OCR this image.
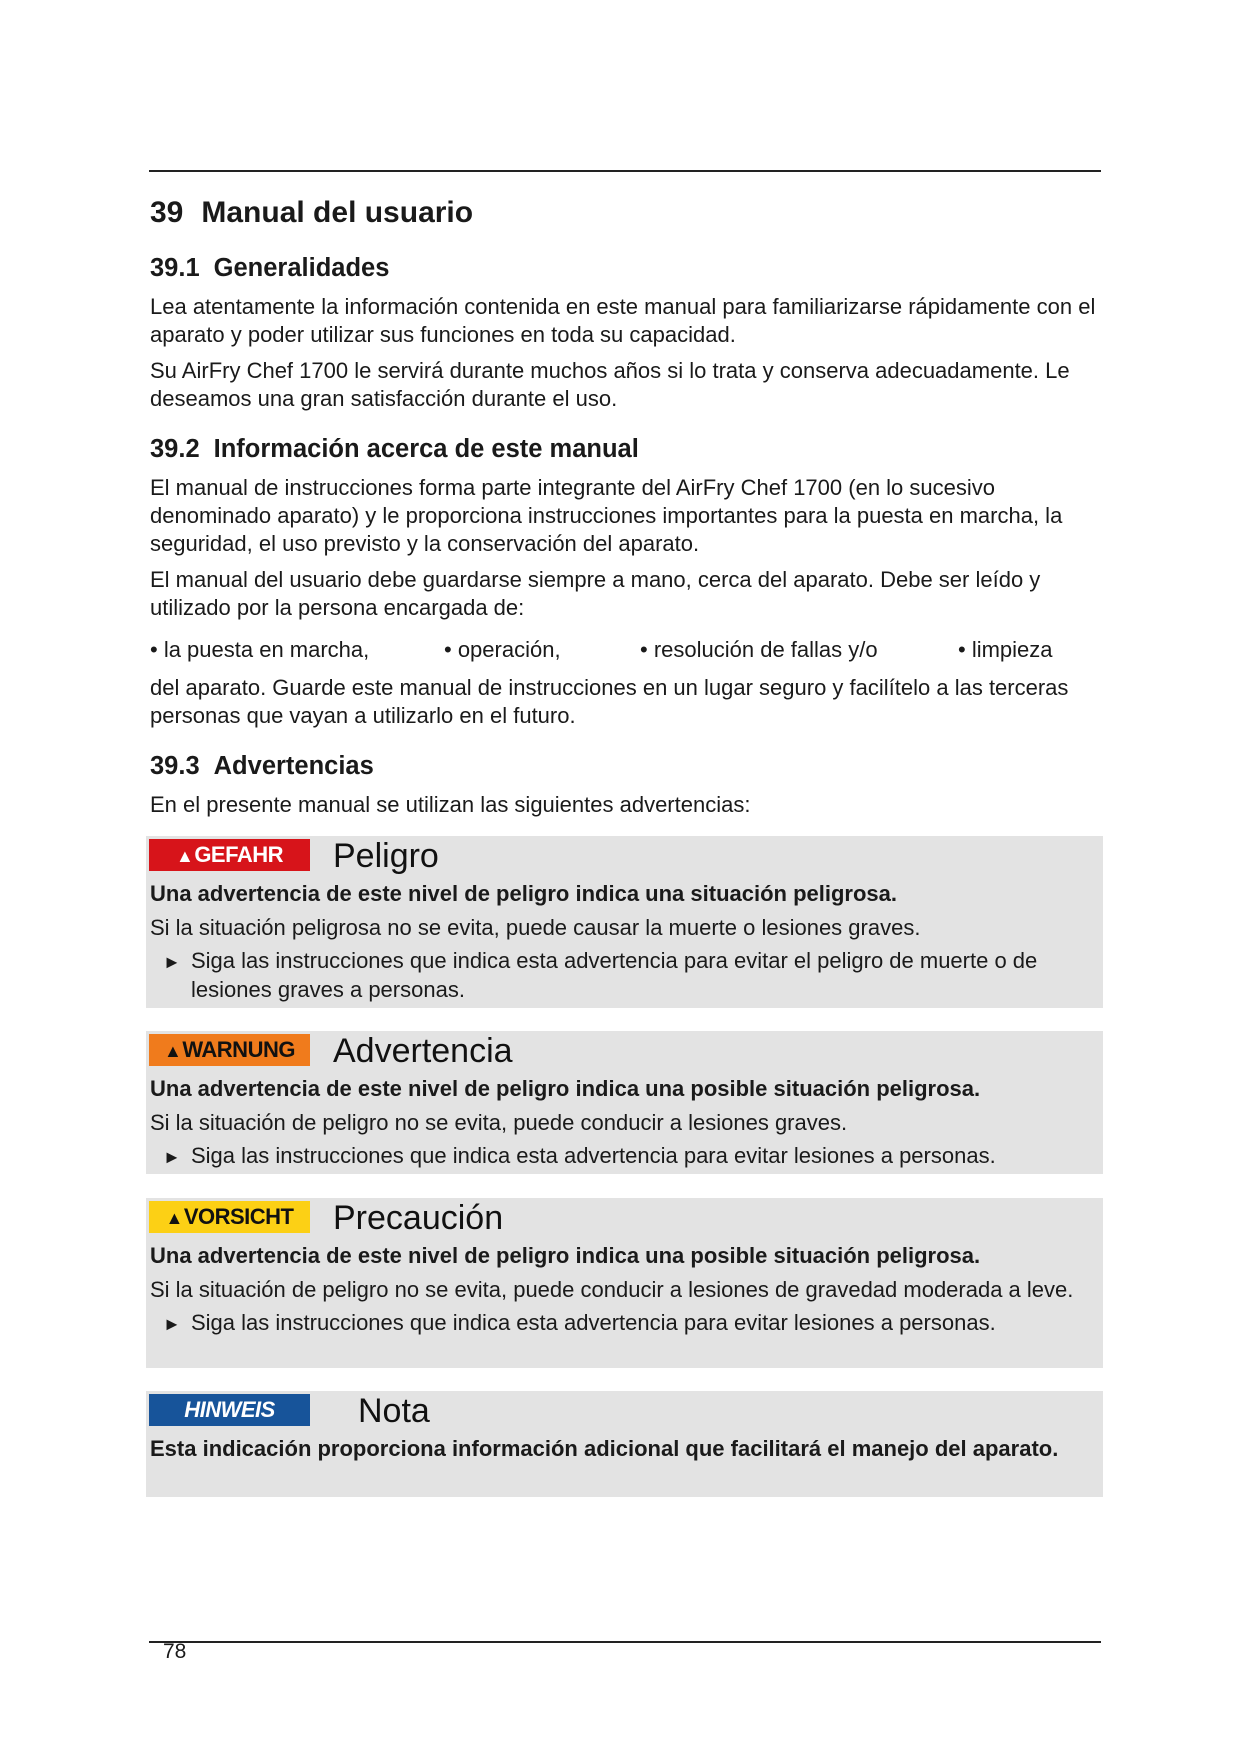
39 Manual del usuario
39.1 Generalidades

Lea atentamente la información contenida en este manual para familiarizarse rápidamente con el aparato y poder utilizar sus funciones en toda su capacidad.

Su AirFry Chef 1700 le servirá durante muchos años si lo trata y conserva adecuadamente. Le deseamos una gran satisfacción durante el uso.

39.2 Información acerca de este manual

El manual de instrucciones forma parte integrante del AirFry Chef 1700 (en lo sucesivo denominado aparato) y le proporciona instrucciones importantes para la puesta en marcha, la seguridad, el uso previsto y la conservación del aparato.

El manual del usuario debe guardarse siempre a mano, cerca del aparato. Debe ser leído y utilizado por la persona encargada de:

• la puesta en marcha,	• operación,	• resolución de fallas y/o	• limpieza

del aparato. Guarde este manual de instrucciones en un lugar seguro y facilítelo a las terceras personas que vayan a utilizarlo en el futuro.

39.3 Advertencias

En el presente manual se utilizan las siguientes advertencias:

▲GEFAHR	Peligro
Una advertencia de este nivel de peligro indica una situación peligrosa.

Si la situación peligrosa no se evita, puede causar la muerte o lesiones graves.

► Siga las instrucciones que indica esta advertencia para evitar el peligro de muerte o de lesiones graves a personas.
▲WARNUNG	Advertencia
Una advertencia de este nivel de peligro indica una posible situación peligrosa.

Si la situación de peligro no se evita, puede conducir a lesiones graves.

► Siga las instrucciones que indica esta advertencia para evitar lesiones a personas.
▲VORSICHT	Precaución
Una advertencia de este nivel de peligro indica una posible situación peligrosa.

Si la situación de peligro no se evita, puede conducir a lesiones de gravedad moderada a leve.

► Siga las instrucciones que indica esta advertencia para evitar lesiones a personas.
HINWEIS	Nota
Esta indicación proporciona información adicional que facilitará el manejo del aparato.
78
